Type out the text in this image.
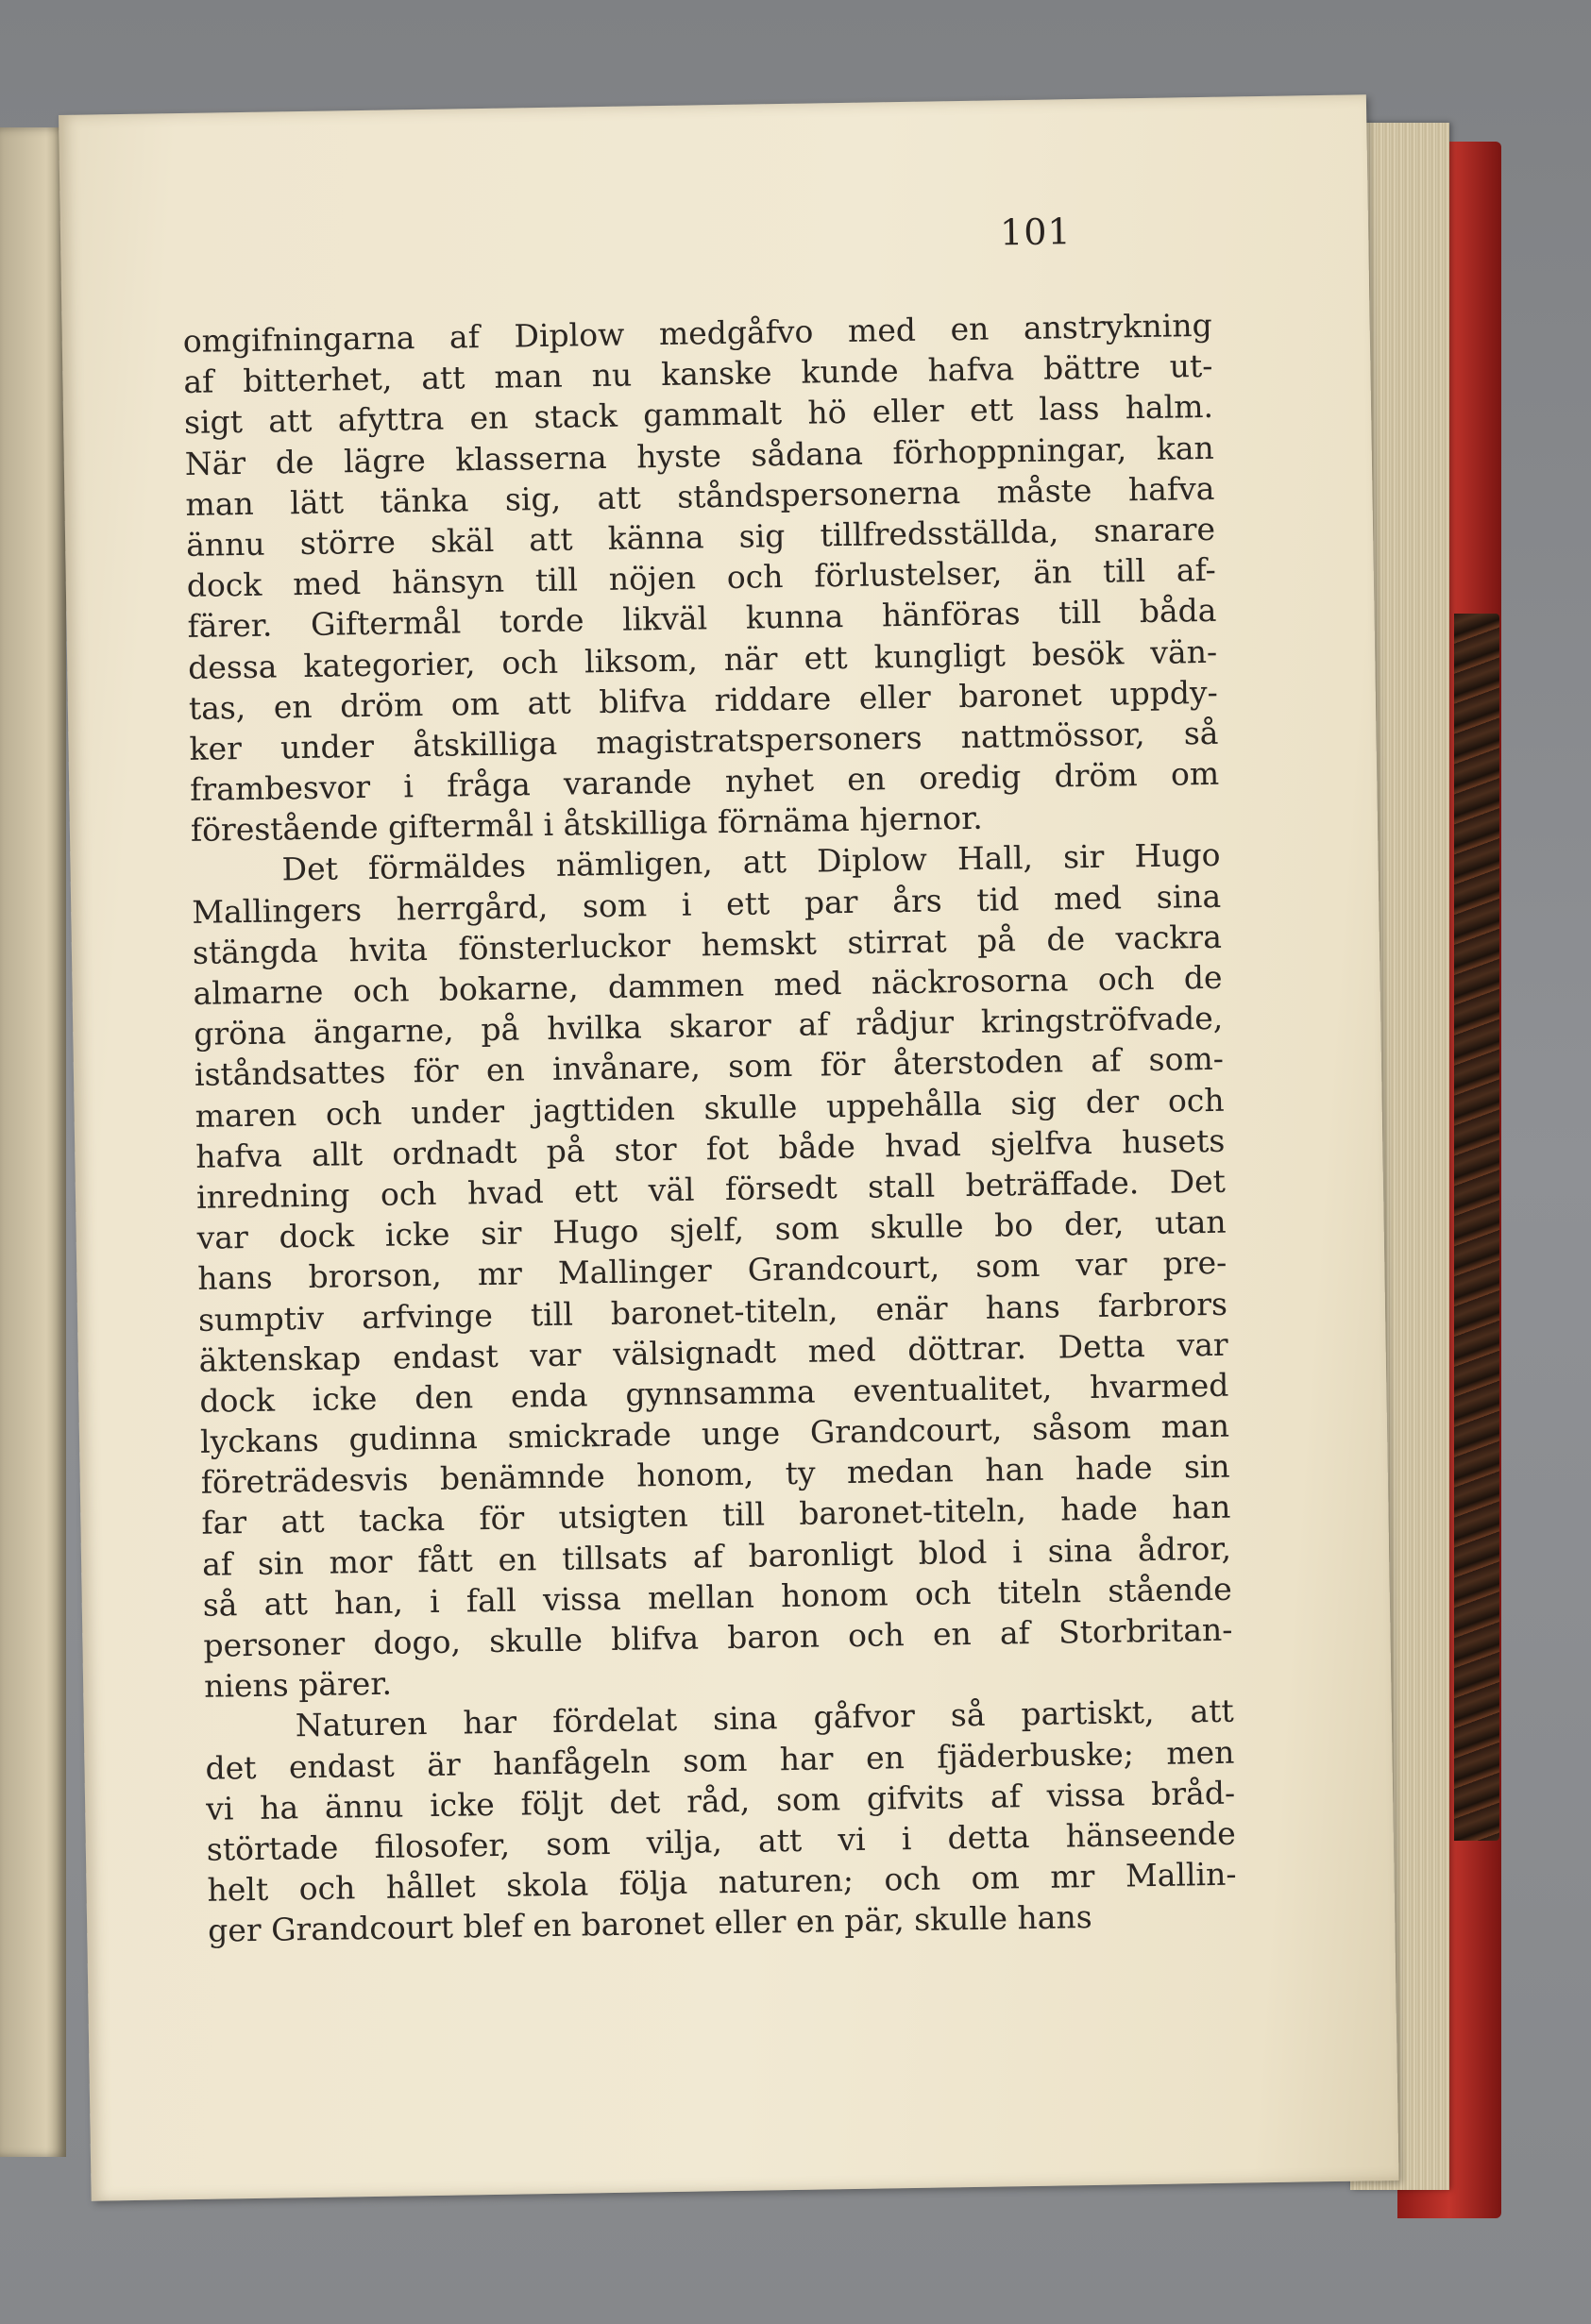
101
omgifningarna af Diplow medgåfvo med en anstrykning
af bitterhet, att man nu kanske kunde hafva bättre ut-
sigt att afyttra en stack gammalt hö eller ett lass halm.
När de lägre klasserna hyste sådana förhoppningar, kan
man lätt tänka sig, att ståndspersonerna måste hafva
ännu större skäl att känna sig tillfredsställda, snarare
dock med hänsyn till nöjen och förlustelser, än till af-
färer. Giftermål torde likväl kunna hänföras till båda
dessa kategorier, och liksom, när ett kungligt besök vän-
tas, en dröm om att blifva riddare eller baronet uppdy-
ker under åtskilliga magistratspersoners nattmössor, så
frambesvor i fråga varande nyhet en oredig dröm om
förestående giftermål i åtskilliga förnäma hjernor.
Det förmäldes nämligen, att Diplow Hall, sir Hugo
Mallingers herrgård, som i ett par års tid med sina
stängda hvita fönsterluckor hemskt stirrat på de vackra
almarne och bokarne, dammen med näckrosorna och de
gröna ängarne, på hvilka skaror af rådjur kringströfvade,
iståndsattes för en invånare, som för återstoden af som-
maren och under jagttiden skulle uppehålla sig der och
hafva allt ordnadt på stor fot både hvad sjelfva husets
inredning och hvad ett väl försedt stall beträffade. Det
var dock icke sir Hugo sjelf, som skulle bo der, utan
hans brorson, mr Mallinger Grandcourt, som var pre-
sumptiv arfvinge till baronet-titeln, enär hans farbrors
äktenskap endast var välsignadt med döttrar. Detta var
dock icke den enda gynnsamma eventualitet, hvarmed
lyckans gudinna smickrade unge Grandcourt, såsom man
företrädesvis benämnde honom, ty medan han hade sin
far att tacka för utsigten till baronet-titeln, hade han
af sin mor fått en tillsats af baronligt blod i sina ådror,
så att han, i fall vissa mellan honom och titeln stående
personer dogo, skulle blifva baron och en af Storbritan-
niens pärer.
Naturen har fördelat sina gåfvor så partiskt, att
det endast är hanfågeln som har en fjäderbuske; men
vi ha ännu icke följt det råd, som gifvits af vissa bråd-
störtade filosofer, som vilja, att vi i detta hänseende
helt och hållet skola följa naturen; och om mr Mallin-
ger Grandcourt blef en baronet eller en pär, skulle hans
